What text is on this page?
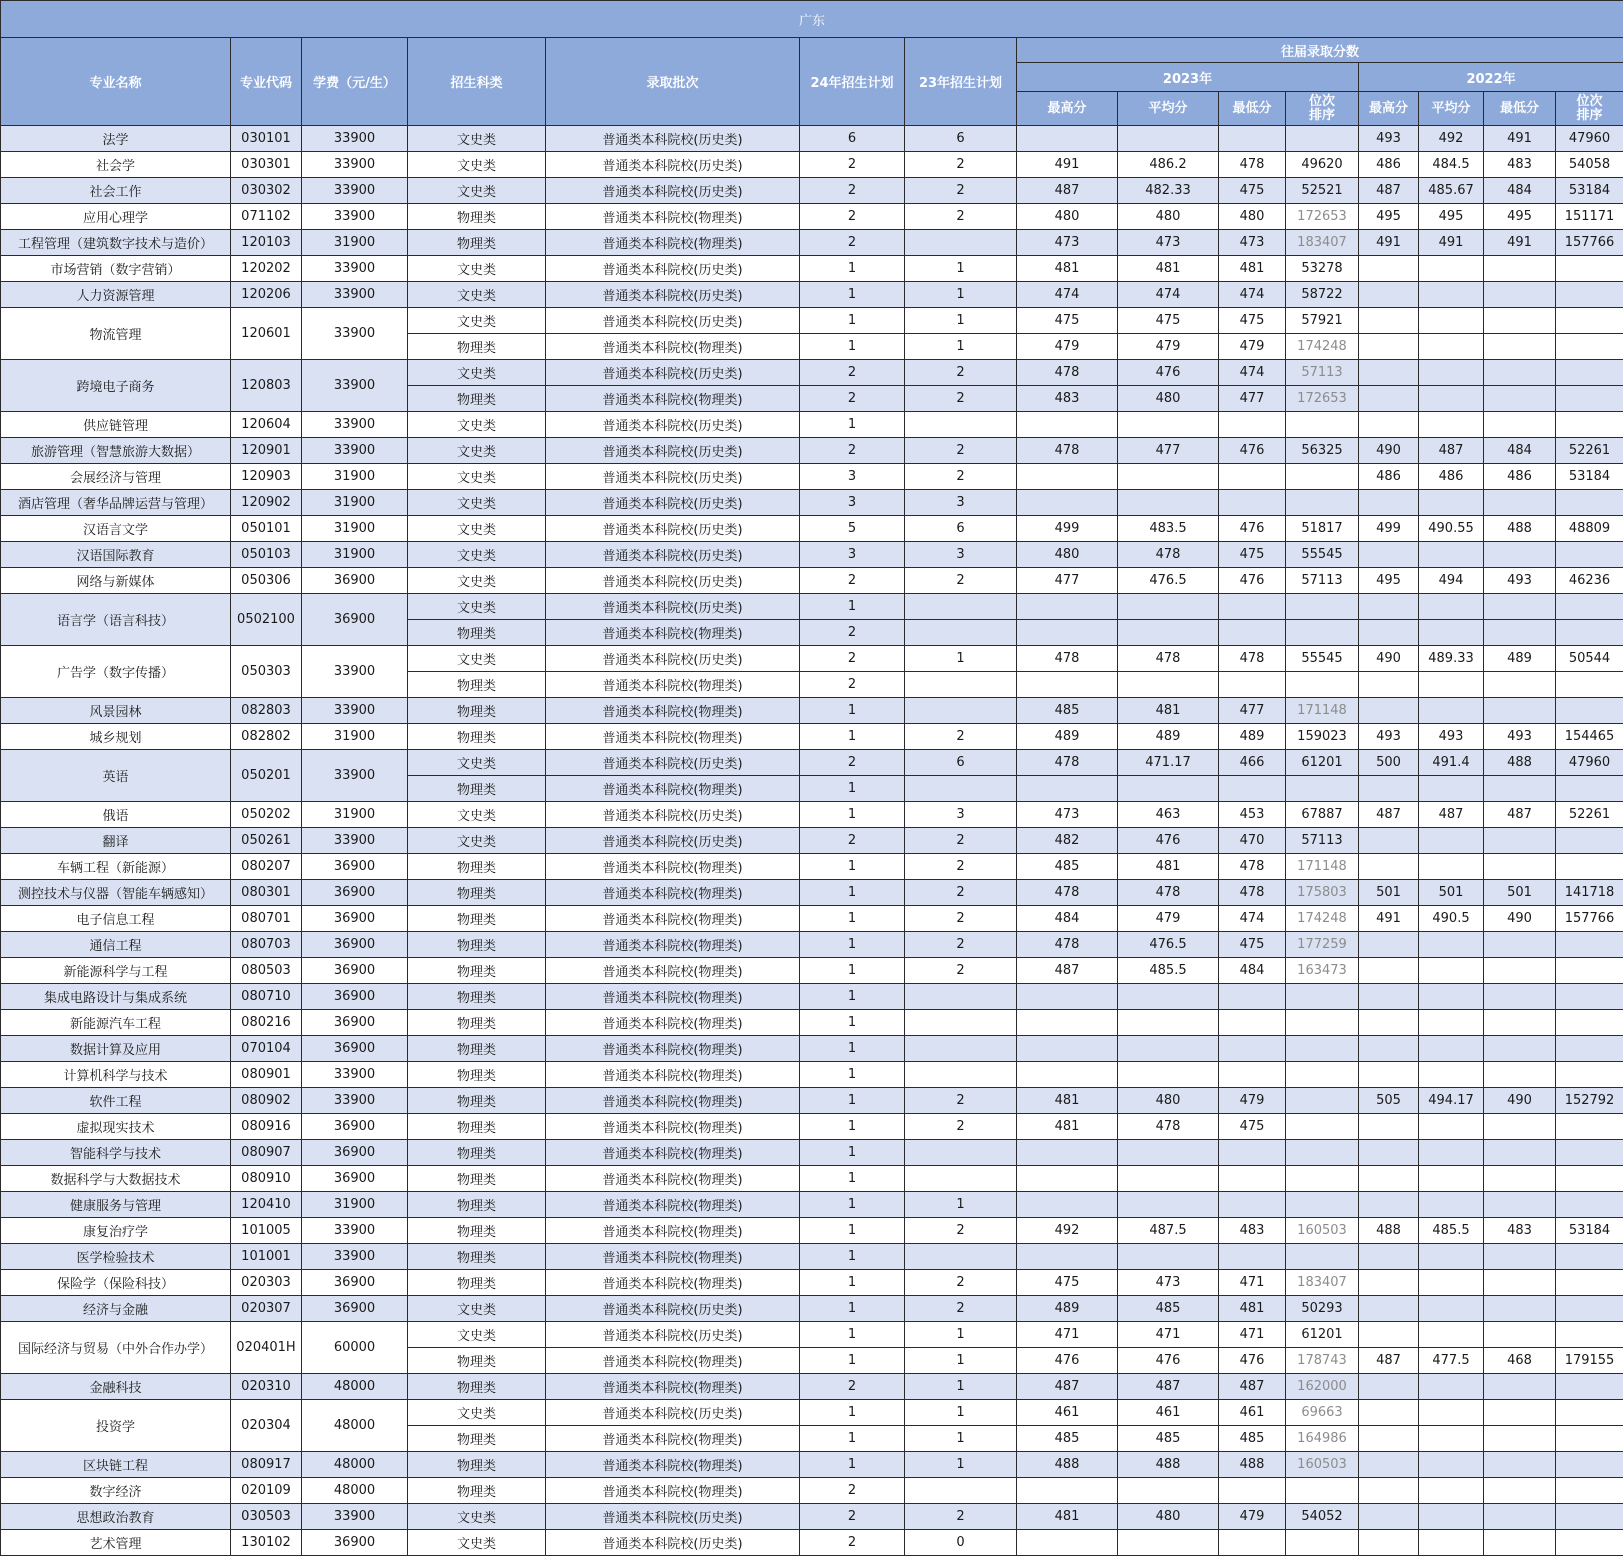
广东														
专业名称	专业代码	学费（元/生）	招生科类	录取批次	24年招生计划	23年招生计划	往届录取分数							
							2023年				2022年			
							最高分	平均分	最低分	位次排序	最高分	平均分	最低分	位次排序
法学	030101	33900	文史类	普通类本科院校(历史类)	6	6					493	492	491	47960
社会学	030301	33900	文史类	普通类本科院校(历史类)	2	2	491	486.2	478	49620	486	484.5	483	54058
社会工作	030302	33900	文史类	普通类本科院校(历史类)	2	2	487	482.33	475	52521	487	485.67	484	53184
应用心理学	071102	33900	物理类	普通类本科院校(物理类)	2	2	480	480	480	172653	495	495	495	151171
工程管理（建筑数字技术与造价）	120103	31900	物理类	普通类本科院校(物理类)	2		473	473	473	183407	491	491	491	157766
市场营销（数字营销）	120202	33900	文史类	普通类本科院校(历史类)	1	1	481	481	481	53278				
人力资源管理	120206	33900	文史类	普通类本科院校(历史类)	1	1	474	474	474	58722				
物流管理	120601	33900	文史类	普通类本科院校(历史类)	1	1	475	475	475	57921				
			物理类	普通类本科院校(物理类)	1	1	479	479	479	174248				
跨境电子商务	120803	33900	文史类	普通类本科院校(历史类)	2	2	478	476	474	57113				
			物理类	普通类本科院校(物理类)	2	2	483	480	477	172653				
供应链管理	120604	33900	文史类	普通类本科院校(历史类)	1									
旅游管理（智慧旅游大数据）	120901	33900	文史类	普通类本科院校(历史类)	2	2	478	477	476	56325	490	487	484	52261
会展经济与管理	120903	31900	文史类	普通类本科院校(历史类)	3	2					486	486	486	53184
酒店管理（奢华品牌运营与管理）	120902	31900	文史类	普通类本科院校(历史类)	3	3								
汉语言文学	050101	31900	文史类	普通类本科院校(历史类)	5	6	499	483.5	476	51817	499	490.55	488	48809
汉语国际教育	050103	31900	文史类	普通类本科院校(历史类)	3	3	480	478	475	55545				
网络与新媒体	050306	36900	文史类	普通类本科院校(历史类)	2	2	477	476.5	476	57113	495	494	493	46236
语言学（语言科技）	0502100	36900	文史类	普通类本科院校(历史类)	1									
			物理类	普通类本科院校(物理类)	2									
广告学（数字传播）	050303	33900	文史类	普通类本科院校(历史类)	2	1	478	478	478	55545	490	489.33	489	50544
			物理类	普通类本科院校(物理类)	2									
风景园林	082803	33900	物理类	普通类本科院校(物理类)	1		485	481	477	171148				
城乡规划	082802	31900	物理类	普通类本科院校(物理类)	1	2	489	489	489	159023	493	493	493	154465
英语	050201	33900	文史类	普通类本科院校(历史类)	2	6	478	471.17	466	61201	500	491.4	488	47960
			物理类	普通类本科院校(物理类)	1									
俄语	050202	31900	文史类	普通类本科院校(历史类)	1	3	473	463	453	67887	487	487	487	52261
翻译	050261	33900	文史类	普通类本科院校(历史类)	2	2	482	476	470	57113				
车辆工程（新能源）	080207	36900	物理类	普通类本科院校(物理类)	1	2	485	481	478	171148				
测控技术与仪器（智能车辆感知）	080301	36900	物理类	普通类本科院校(物理类)	1	2	478	478	478	175803	501	501	501	141718
电子信息工程	080701	36900	物理类	普通类本科院校(物理类)	1	2	484	479	474	174248	491	490.5	490	157766
通信工程	080703	36900	物理类	普通类本科院校(物理类)	1	2	478	476.5	475	177259				
新能源科学与工程	080503	36900	物理类	普通类本科院校(物理类)	1	2	487	485.5	484	163473				
集成电路设计与集成系统	080710	36900	物理类	普通类本科院校(物理类)	1									
新能源汽车工程	080216	36900	物理类	普通类本科院校(物理类)	1									
数据计算及应用	070104	36900	物理类	普通类本科院校(物理类)	1									
计算机科学与技术	080901	33900	物理类	普通类本科院校(物理类)	1									
软件工程	080902	33900	物理类	普通类本科院校(物理类)	1	2	481	480	479		505	494.17	490	152792
虚拟现实技术	080916	36900	物理类	普通类本科院校(物理类)	1	2	481	478	475					
智能科学与技术	080907	36900	物理类	普通类本科院校(物理类)	1									
数据科学与大数据技术	080910	36900	物理类	普通类本科院校(物理类)	1									
健康服务与管理	120410	31900	物理类	普通类本科院校(物理类)	1	1								
康复治疗学	101005	33900	物理类	普通类本科院校(物理类)	1	2	492	487.5	483	160503	488	485.5	483	53184
医学检验技术	101001	33900	物理类	普通类本科院校(物理类)	1									
保险学（保险科技）	020303	36900	物理类	普通类本科院校(物理类)	1	2	475	473	471	183407				
经济与金融	020307	36900	文史类	普通类本科院校(历史类)	1	2	489	485	481	50293				
国际经济与贸易（中外合作办学）	020401H	60000	文史类	普通类本科院校(历史类)	1	1	471	471	471	61201				
			物理类	普通类本科院校(物理类)	1	1	476	476	476	178743	487	477.5	468	179155
金融科技	020310	48000	物理类	普通类本科院校(物理类)	2	1	487	487	487	162000				
投资学	020304	48000	文史类	普通类本科院校(历史类)	1	1	461	461	461	69663				
			物理类	普通类本科院校(物理类)	1	1	485	485	485	164986				
区块链工程	080917	48000	物理类	普通类本科院校(物理类)	1	1	488	488	488	160503				
数字经济	020109	48000	物理类	普通类本科院校(物理类)	2									
思想政治教育	030503	33900	文史类	普通类本科院校(历史类)	2	2	481	480	479	54052				
艺术管理	130102	36900	文史类	普通类本科院校(历史类)	2	0								
